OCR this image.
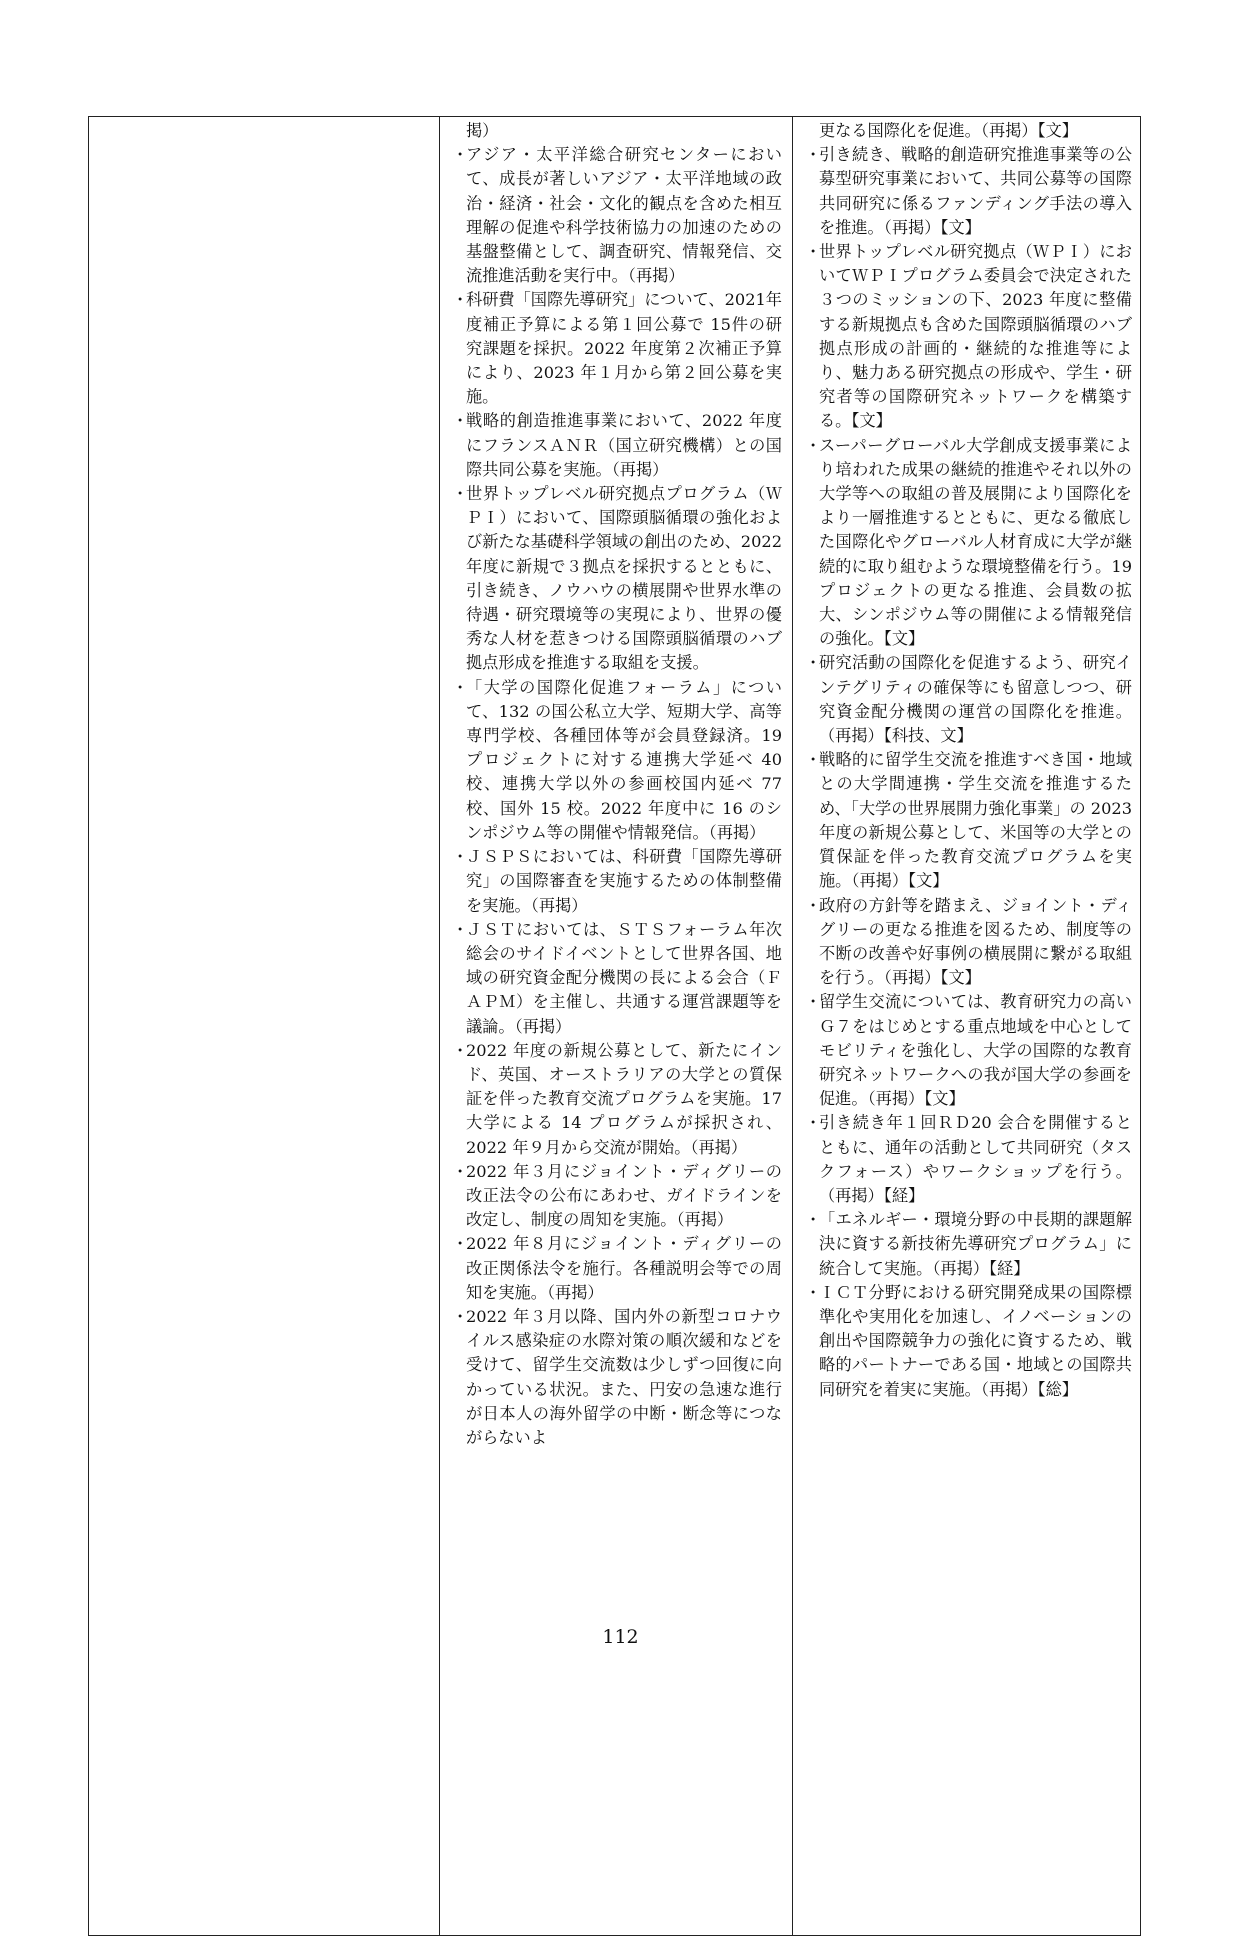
掲）
・
アジア・太平洋総合研究センターにおいて、成長が著しいアジア・太平洋地域の政治・経済・社会・文化的観点を含めた相互理解の促進や科学技術協力の加速のための基盤整備として、調査研究、情報発信、交流推進活動を実行中。（再掲）
・
科研費「国際先導研究」について、2021年度補正予算による第１回公募で 15件の研究課題を採択。2022 年度第２次補正予算により、2023 年１月から第２回公募を実施。
・
戦略的創造推進事業において、2022 年度にフランスＡＮＲ（国立研究機構）との国際共同公募を実施。（再掲）
・
世界トップレベル研究拠点プログラム（ＷＰＩ）において、国際頭脳循環の強化および新たな基礎科学領域の創出のため、2022 年度に新規で３拠点を採択するとともに、引き続き、ノウハウの横展開や世界水準の待遇・研究環境等の実現により、世界の優秀な人材を惹きつける国際頭脳循環のハブ拠点形成を推進する取組を支援。
・
「大学の国際化促進フォーラム」について、132 の国公私立大学、短期大学、高等専門学校、各種団体等が会員登録済。19 プロジェクトに対する連携大学延べ 40 校、連携大学以外の参画校国内延べ 77 校、国外 15 校。2022 年度中に 16 のシンポジウム等の開催や情報発信。（再掲）
・
ＪＳＰＳにおいては、科研費「国際先導研究」の国際審査を実施するための体制整備を実施。（再掲）
・
ＪＳＴにおいては、ＳＴＳフォーラム年次総会のサイドイベントとして世界各国、地域の研究資金配分機関の長による会合（ＦＡＰＭ）を主催し、共通する運営課題等を議論。（再掲）
・
2022 年度の新規公募として、新たにインド、英国、オーストラリアの大学との質保証を伴った教育交流プログラムを実施。17 大学による 14 プログラムが採択され、2022 年９月から交流が開始。（再掲）
・
2022 年３月にジョイント・ディグリーの改正法令の公布にあわせ、ガイドラインを改定し、制度の周知を実施。（再掲）
・
2022 年８月にジョイント・ディグリーの改正関係法令を施行。各種説明会等での周知を実施。（再掲）
・
2022 年３月以降、国内外の新型コロナウイルス感染症の水際対策の順次緩和などを受けて、留学生交流数は少しずつ回復に向かっている状況。また、円安の急速な進行が日本人の海外留学の中断・断念等につながらないよ
更なる国際化を促進。（再掲）【文】
・
引き続き、戦略的創造研究推進事業等の公募型研究事業において、共同公募等の国際共同研究に係るファンディング手法の導入を推進。（再掲）【文】
・
世界トップレベル研究拠点（ＷＰＩ）においてＷＰＩプログラム委員会で決定された３つのミッションの下、2023 年度に整備する新規拠点も含めた国際頭脳循環のハブ拠点形成の計画的・継続的な推進等により、魅力ある研究拠点の形成や、学生・研究者等の国際研究ネットワークを構築する。【文】
・
スーパーグローバル大学創成支援事業により培われた成果の継続的推進やそれ以外の大学等への取組の普及展開により国際化をより一層推進するとともに、更なる徹底した国際化やグローバル人材育成に大学が継続的に取り組むような環境整備を行う。19 プロジェクトの更なる推進、会員数の拡大、シンポジウム等の開催による情報発信の強化。【文】
・
研究活動の国際化を促進するよう、研究インテグリティの確保等にも留意しつつ、研究資金配分機関の運営の国際化を推進。（再掲）【科技、文】
・
戦略的に留学生交流を推進すべき国・地域との大学間連携・学生交流を推進するため、「大学の世界展開力強化事業」の 2023 年度の新規公募として、米国等の大学との質保証を伴った教育交流プログラムを実施。（再掲）【文】
・
政府の方針等を踏まえ、ジョイント・ディグリーの更なる推進を図るため、制度等の不断の改善や好事例の横展開に繋がる取組を行う。（再掲）【文】
・
留学生交流については、教育研究力の高いＧ７をはじめとする重点地域を中心としてモビリティを強化し、大学の国際的な教育研究ネットワークへの我が国大学の参画を促進。（再掲）【文】
・
引き続き年１回ＲＤ20 会合を開催するとともに、通年の活動として共同研究（タスクフォース）やワークショップを行う。（再掲）【経】
・
「エネルギー・環境分野の中長期的課題解決に資する新技術先導研究プログラム」に統合して実施。（再掲）【経】
・
ＩＣＴ分野における研究開発成果の国際標準化や実用化を加速し、イノベーションの創出や国際競争力の強化に資するため、戦略的パートナーである国・地域との国際共同研究を着実に実施。（再掲）【総】
112
